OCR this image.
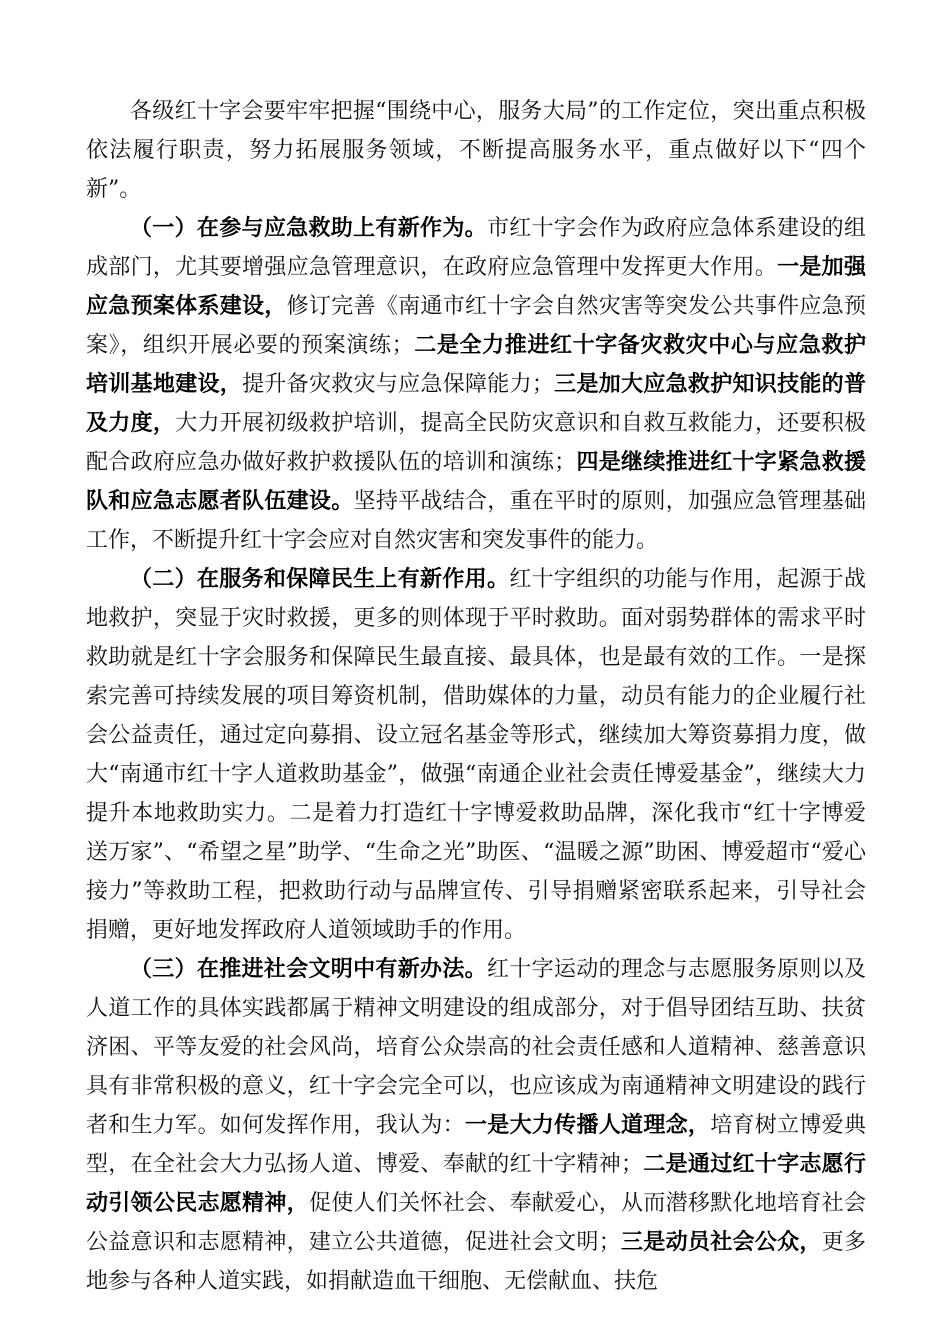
各级红十字会要牢牢把握“围绕中心，服务大局”的工作定位，突出重点积极依法履行职责，努力拓展服务领域，不断提高服务水平，重点做好以下“四个新”。

（一）在参与应急救助上有新作为。市红十字会作为政府应急体系建设的组成部门，尤其要增强应急管理意识，在政府应急管理中发挥更大作用。一是加强应急预案体系建设，修订完善《南通市红十字会自然灾害等突发公共事件应急预案》，组织开展必要的预案演练；二是全力推进红十字备灾救灾中心与应急救护培训基地建设，提升备灾救灾与应急保障能力；三是加大应急救护知识技能的普及力度，大力开展初级救护培训，提高全民防灾意识和自救互救能力，还要积极配合政府应急办做好救护救援队伍的培训和演练；四是继续推进红十字紧急救援队和应急志愿者队伍建设。坚持平战结合，重在平时的原则，加强应急管理基础工作，不断提升红十字会应对自然灾害和突发事件的能力。

（二）在服务和保障民生上有新作用。红十字组织的功能与作用，起源于战地救护，突显于灾时救援，更多的则体现于平时救助。面对弱势群体的需求平时救助就是红十字会服务和保障民生最直接、最具体，也是最有效的工作。一是探索完善可持续发展的项目筹资机制，借助媒体的力量，动员有能力的企业履行社会公益责任，通过定向募捐、设立冠名基金等形式，继续加大筹资募捐力度，做大“南通市红十字人道救助基金”，做强“南通企业社会责任博爱基金”，继续大力提升本地救助实力。二是着力打造红十字博爱救助品牌，深化我市“红十字博爱送万家”、“希望之星”助学、“生命之光”助医、“温暖之源”助困、博爱超市“爱心接力”等救助工程，把救助行动与品牌宣传、引导捐赠紧密联系起来，引导社会捐赠，更好地发挥政府人道领域助手的作用。

（三）在推进社会文明中有新办法。红十字运动的理念与志愿服务原则以及人道工作的具体实践都属于精神文明建设的组成部分，对于倡导团结互助、扶贫济困、平等友爱的社会风尚，培育公众崇高的社会责任感和人道精神、慈善意识具有非常积极的意义，红十字会完全可以，也应该成为南通精神文明建设的践行者和生力军。如何发挥作用，我认为：一是大力传播人道理念，培育树立博爱典型，在全社会大力弘扬人道、博爱、奉献的红十字精神；二是通过红十字志愿行动引领公民志愿精神，促使人们关怀社会、奉献爱心，从而潜移默化地培育社会公益意识和志愿精神，建立公共道德，促进社会文明；三是动员社会公众，更多地参与各种人道实践，如捐献造血干细胞、无偿献血、扶危
